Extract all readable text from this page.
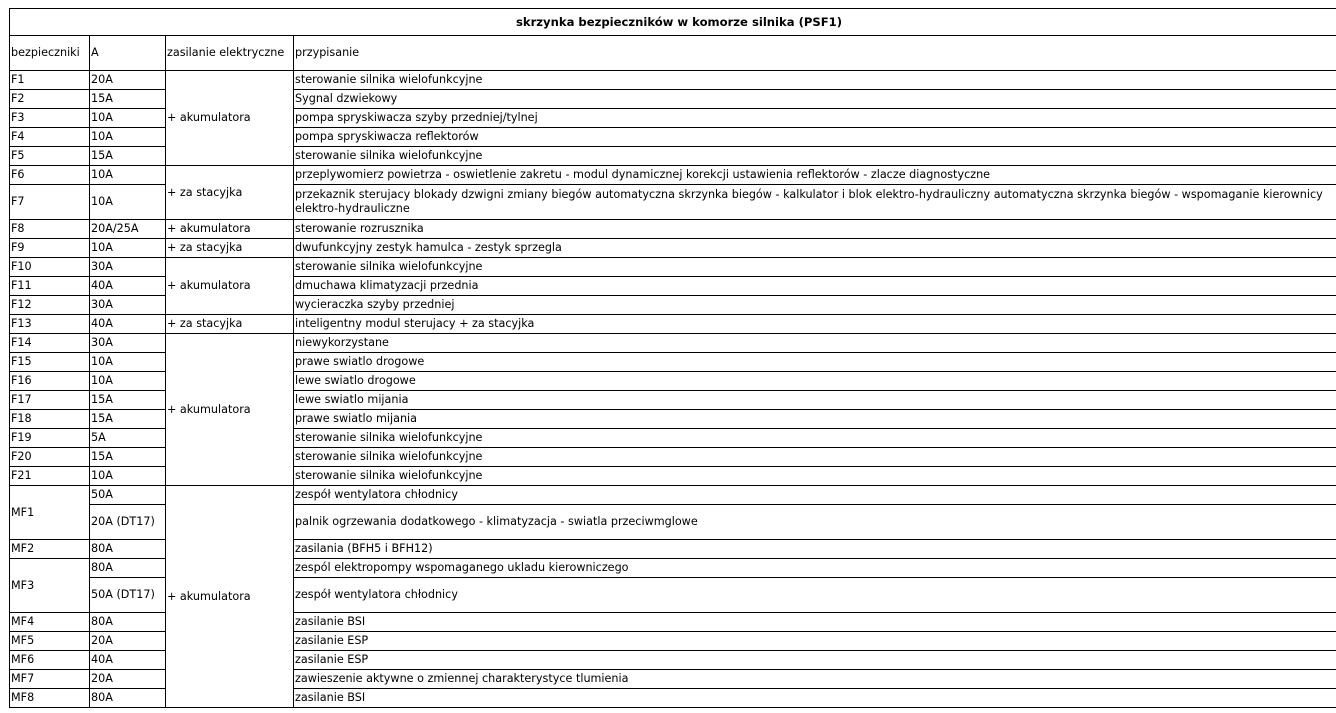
skrzynka bezpieczników w komorze silnika (PSF1)			
bezpieczniki	A	zasilanie elektryczne	przypisanie
F1	20A	+ akumulatora	sterowanie silnika wielofunkcyjne
F2	15A		Sygnal dzwiekowy
F3	10A		pompa spryskiwacza szyby przedniej/tylnej
F4	10A		pompa spryskiwacza reflektorów
F5	15A		sterowanie silnika wielofunkcyjne
F6	10A	+ za stacyjka	przeplywomierz powietrza - oswietlenie zakretu - modul dynamicznej korekcji ustawienia reflektorów - zlacze diagnostyczne
F7	10A		przekaznik sterujacy blokady dzwigni zmiany biegów automatyczna skrzynka biegów - kalkulator i blok elektro-hydrauliczny automatyczna skrzynka biegów - wspomaganie kierownicy elektro-hydrauliczne
F8	20A/25A	+ akumulatora	sterowanie rozrusznika
F9	10A	+ za stacyjka	dwufunkcyjny zestyk hamulca - zestyk sprzegla
F10	30A	+ akumulatora	sterowanie silnika wielofunkcyjne
F11	40A		dmuchawa klimatyzacji przednia
F12	30A		wycieraczka szyby przedniej
F13	40A	+ za stacyjka	inteligentny modul sterujacy + za stacyjka
F14	30A	+ akumulatora	niewykorzystane
F15	10A		prawe swiatlo drogowe
F16	10A		lewe swiatlo drogowe
F17	15A		lewe swiatlo mijania
F18	15A		prawe swiatlo mijania
F19	5A		sterowanie silnika wielofunkcyjne
F20	15A		sterowanie silnika wielofunkcyjne
F21	10A		sterowanie silnika wielofunkcyjne
MF1	50A	+ akumulatora	zespół wentylatora chłodnicy
	20A (DT17)		palnik ogrzewania dodatkowego - klimatyzacja - swiatla przeciwmglowe
MF2	80A		zasilania (BFH5 i BFH12)
MF3	80A		zespól elektropompy wspomaganego ukladu kierowniczego
	50A (DT17)		zespół wentylatora chłodnicy
MF4	80A		zasilanie BSI
MF5	20A		zasilanie ESP
MF6	40A		zasilanie ESP
MF7	20A		zawieszenie aktywne o zmiennej charakterystyce tlumienia
MF8	80A		zasilanie BSI
